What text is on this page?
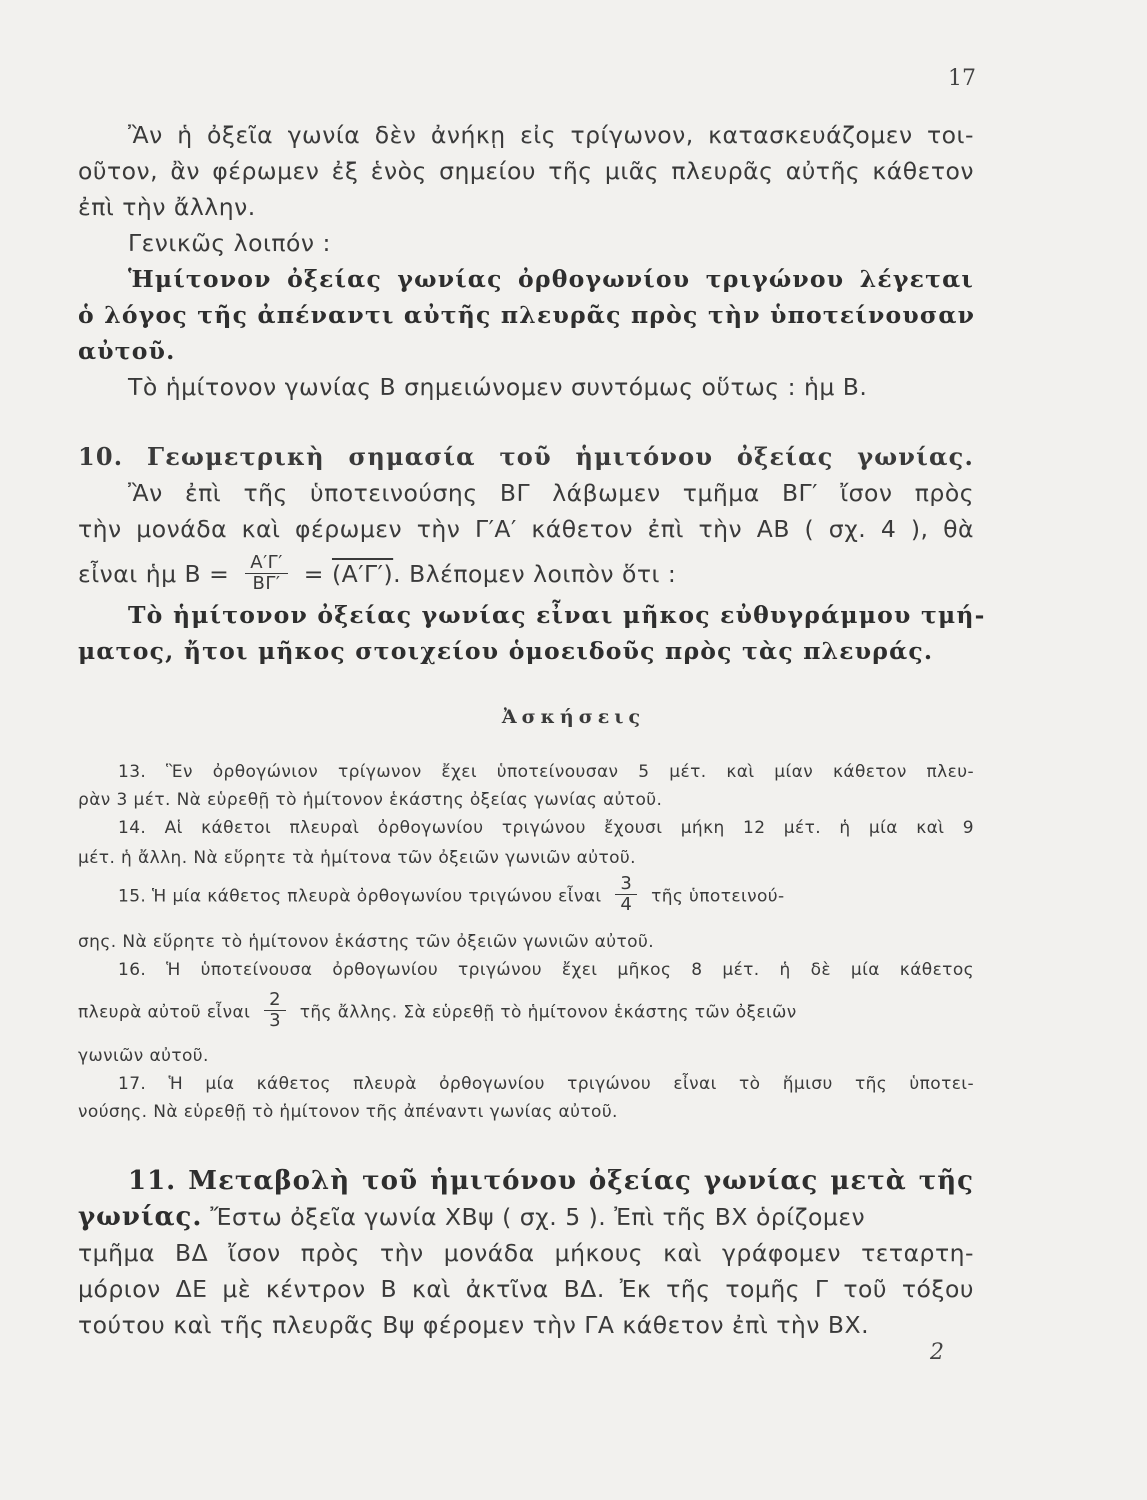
17
Ἂν ἡ ὀξεῖα γωνία δὲν ἀνήκῃ εἰς τρίγωνον, κατασκευάζομεν τοι-
οῦτον, ἂν φέρωμεν ἐξ ἑνὸς σημείου τῆς μιᾶς πλευρᾶς αὐτῆς κάθετον
ἐπὶ τὴν ἄλλην.
Γενικῶς λοιπόν :
Ἡμίτονον ὀξείας γωνίας ὀρθογωνίου τριγώνου λέγεται
ὁ λόγος τῆς ἀπέναντι αὐτῆς πλευρᾶς πρὸς τὴν ὑποτείνουσαν
αὐτοῦ.
Τὸ ἡμίτονον γωνίας Β σημειώνομεν συντόμως οὕτως : ἡμ Β.
10. Γεωμετρικὴ σημασία τοῦ ἡμιτόνου ὀξείας γωνίας.
Ἂν ἐπὶ τῆς ὑποτεινούσης ΒΓ λάβωμεν τμῆμα ΒΓ′ ἴσον πρὸς
τὴν μονάδα καὶ φέρωμεν τὴν Γ′Α′ κάθετον ἐπὶ τὴν ΑΒ ( σχ. 4 ), θὰ
εἶναι ἡμ $B = \frac{A'\Gamma'}{B\Gamma'} = (A'\Gamma')$. Βλέπομεν λοιπὸν ὅτι :
Τὸ ἡμίτονον ὀξείας γωνίας εἶναι μῆκος εὐθυγράμμου τμή-
ματος, ἤτοι μῆκος στοιχείου ὁμοειδοῦς πρὸς τὰς πλευράς.
Ἀσκήσεις
13. Ἓν ὀρθογώνιον τρίγωνον ἔχει ὑποτείνουσαν 5 μέτ. καὶ μίαν κάθετον πλευ-
ρὰν 3 μέτ. Νὰ εὑρεθῇ τὸ ἡμίτονον ἑκάστης ὀξείας γωνίας αὐτοῦ.
14. Αἱ κάθετοι πλευραὶ ὀρθογωνίου τριγώνου ἔχουσι μήκη 12 μέτ. ἡ μία καὶ 9
μέτ. ἡ ἄλλη. Νὰ εὕρητε τὰ ἡμίτονα τῶν ὀξειῶν γωνιῶν αὐτοῦ.
15. Ἡ μία κάθετος πλευρὰ ὀρθογωνίου τριγώνου εἶναι $\frac{3}{4}$ τῆς ὑποτεινού-
σης. Νὰ εὕρητε τὸ ἡμίτονον ἑκάστης τῶν ὀξειῶν γωνιῶν αὐτοῦ.
16. Ἡ ὑποτείνουσα ὀρθογωνίου τριγώνου ἔχει μῆκος 8 μέτ. ἡ δὲ μία κάθετος
πλευρὰ αὐτοῦ εἶναι $\frac{2}{3}$ τῆς ἄλλης. Σὰ εὑρεθῇ τὸ ἡμίτονον ἑκάστης τῶν ὀξειῶν
γωνιῶν αὐτοῦ.
17. Ἡ μία κάθετος πλευρὰ ὀρθογωνίου τριγώνου εἶναι τὸ ἥμισυ τῆς ὑποτει-
νούσης. Νὰ εὑρεθῇ τὸ ἡμίτονον τῆς ἀπέναντι γωνίας αὐτοῦ.
11. Μεταβολὴ τοῦ ἡμιτόνου ὀξείας γωνίας μετὰ τῆς
γωνίας. Ἔστω ὀξεῖα γωνία ΧΒψ ( σχ. 5 ). Ἐπὶ τῆς ΒΧ ὁρίζομεν
τμῆμα ΒΔ ἴσον πρὸς τὴν μονάδα μήκους καὶ γράφομεν τεταρτη-
μόριον ΔΕ μὲ κέντρον Β καὶ ἀκτῖνα ΒΔ. Ἐκ τῆς τομῆς Γ τοῦ τόξου
τούτου καὶ τῆς πλευρᾶς Βψ φέρομεν τὴν ΓΑ κάθετον ἐπὶ τὴν ΒΧ.
2
